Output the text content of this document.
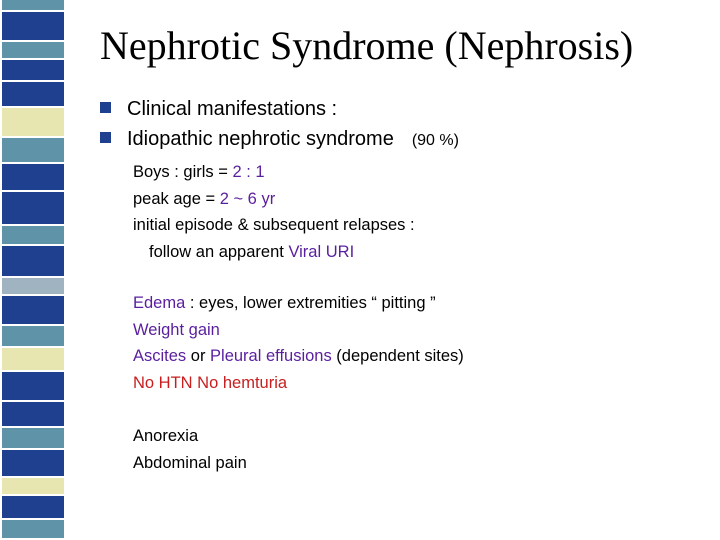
Nephrotic Syndrome (Nephrosis)
Clinical manifestations :
Idiopathic nephrotic syndrome (90 %)
Boys : girls = 2 : 1
peak age = 2 ~ 6 yr
initial episode & subsequent relapses :
follow an apparent Viral URI
Edema : eyes, lower extremities “ pitting ”
Weight gain
Ascites or Pleural effusions (dependent sites)
No HTN No hemturia
Anorexia
Abdominal pain
